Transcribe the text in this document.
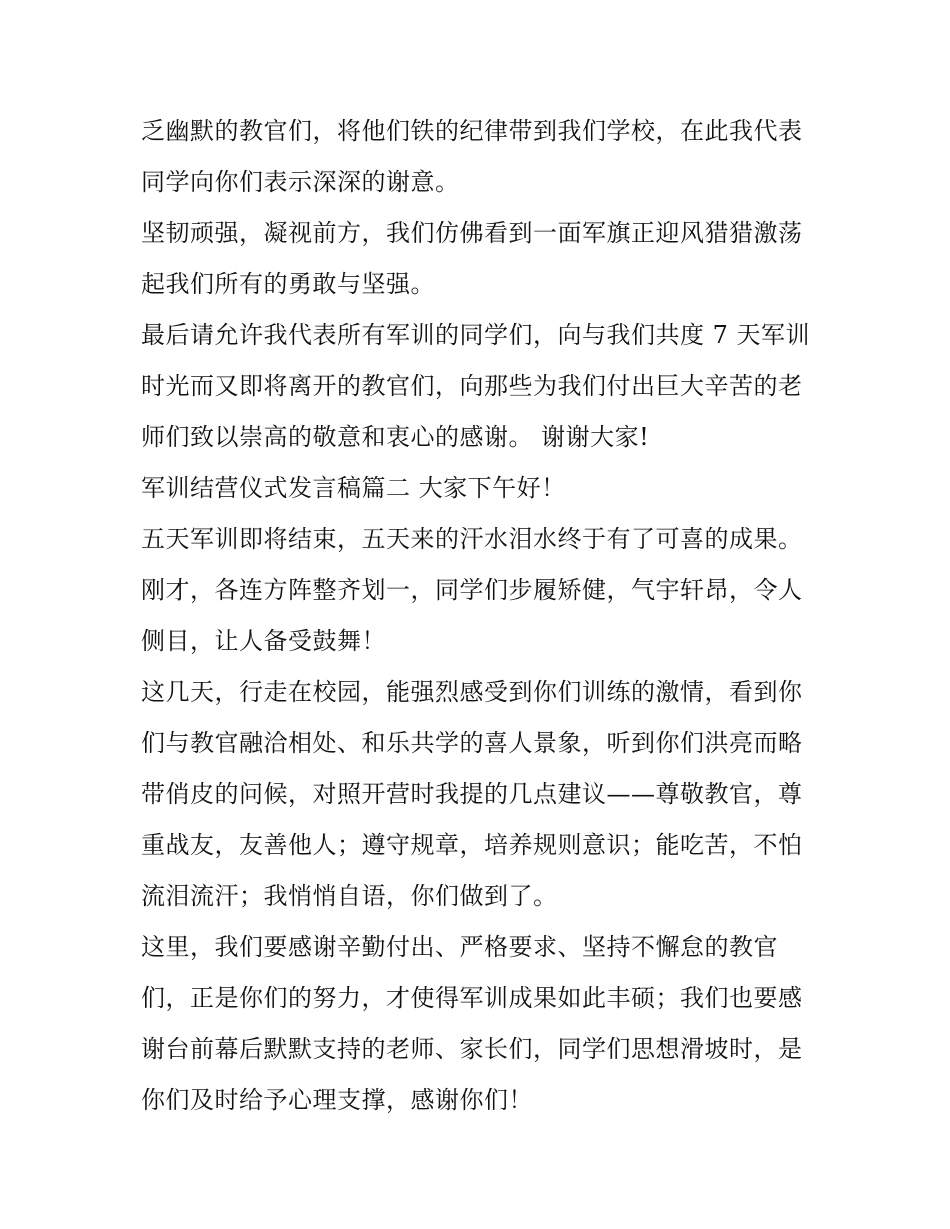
乏幽默的教官们，将他们铁的纪律带到我们学校，在此我代表
同学向你们表示深深的谢意。
坚韧顽强，凝视前方，我们仿佛看到一面军旗正迎风猎猎激荡
起我们所有的勇敢与坚强。
最后请允许我代表所有军训的同学们，向与我们共度 7 天军训
时光而又即将离开的教官们，向那些为我们付出巨大辛苦的老
师们致以崇高的敬意和衷心的感谢。 谢谢大家!
军训结营仪式发言稿篇二 大家下午好！
五天军训即将结束，五天来的汗水泪水终于有了可喜的成果。
刚才，各连方阵整齐划一，同学们步履矫健，气宇轩昂，令人
侧目，让人备受鼓舞！
这几天，行走在校园，能强烈感受到你们训练的激情，看到你
们与教官融洽相处、和乐共学的喜人景象，听到你们洪亮而略
带俏皮的问候，对照开营时我提的几点建议——尊敬教官，尊
重战友，友善他人；遵守规章，培养规则意识；能吃苦，不怕
流泪流汗；我悄悄自语，你们做到了。
这里，我们要感谢辛勤付出、严格要求、坚持不懈怠的教官
们，正是你们的努力，才使得军训成果如此丰硕；我们也要感
谢台前幕后默默支持的老师、家长们，同学们思想滑坡时，是
你们及时给予心理支撑，感谢你们！
